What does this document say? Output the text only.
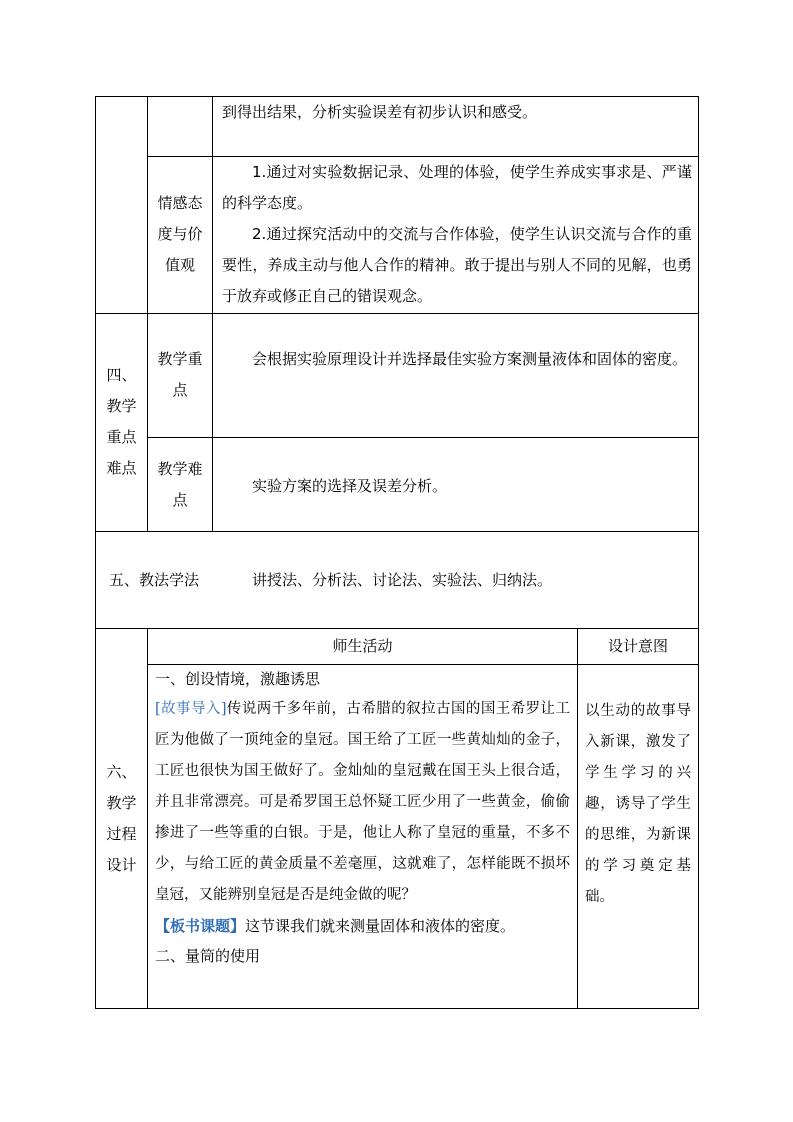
到得出结果，分析实验误差有初步认识和感受。

情感态度与价值观

1.通过对实验数据记录、处理的体验，使学生养成实事求是、严谨的科学态度。

2.通过探究活动中的交流与合作体验，使学生认识交流与合作的重要性，养成主动与他人合作的精神。敢于提出与别人不同的见解，也勇于放弃或修正自己的错误观念。

四、教学重点难点
教学重点

会根据实验原理设计并选择最佳实验方案测量液体和固体的密度。

教学难点

实验方案的选择及误差分析。

五、教法学法	讲授法、分析法、讨论法、实验法、归纳法。

六、教学过程设计
师生活动	设计意图
一、创设情境，激趣诱思

[故事导入]传说两千多年前，古希腊的叙拉古国的国王希罗让工匠为他做了一顶纯金的皇冠。国王给了工匠一些黄灿灿的金子，工匠也很快为国王做好了。金灿灿的皇冠戴在国王头上很合适，并且非常漂亮。可是希罗国王总怀疑工匠少用了一些黄金，偷偷掺进了一些等重的白银。于是，他让人称了皇冠的重量，不多不少，与给工匠的黄金质量不差毫厘，这就难了，怎样能既不损坏皇冠，又能辨别皇冠是否是纯金做的呢？

【板书课题】这节课我们就来测量固体和液体的密度。
二、量筒的使用
以生动的故事导入新课，激发了学生学习的兴趣，诱导了学生的思维，为新课的学习奠定基础。
